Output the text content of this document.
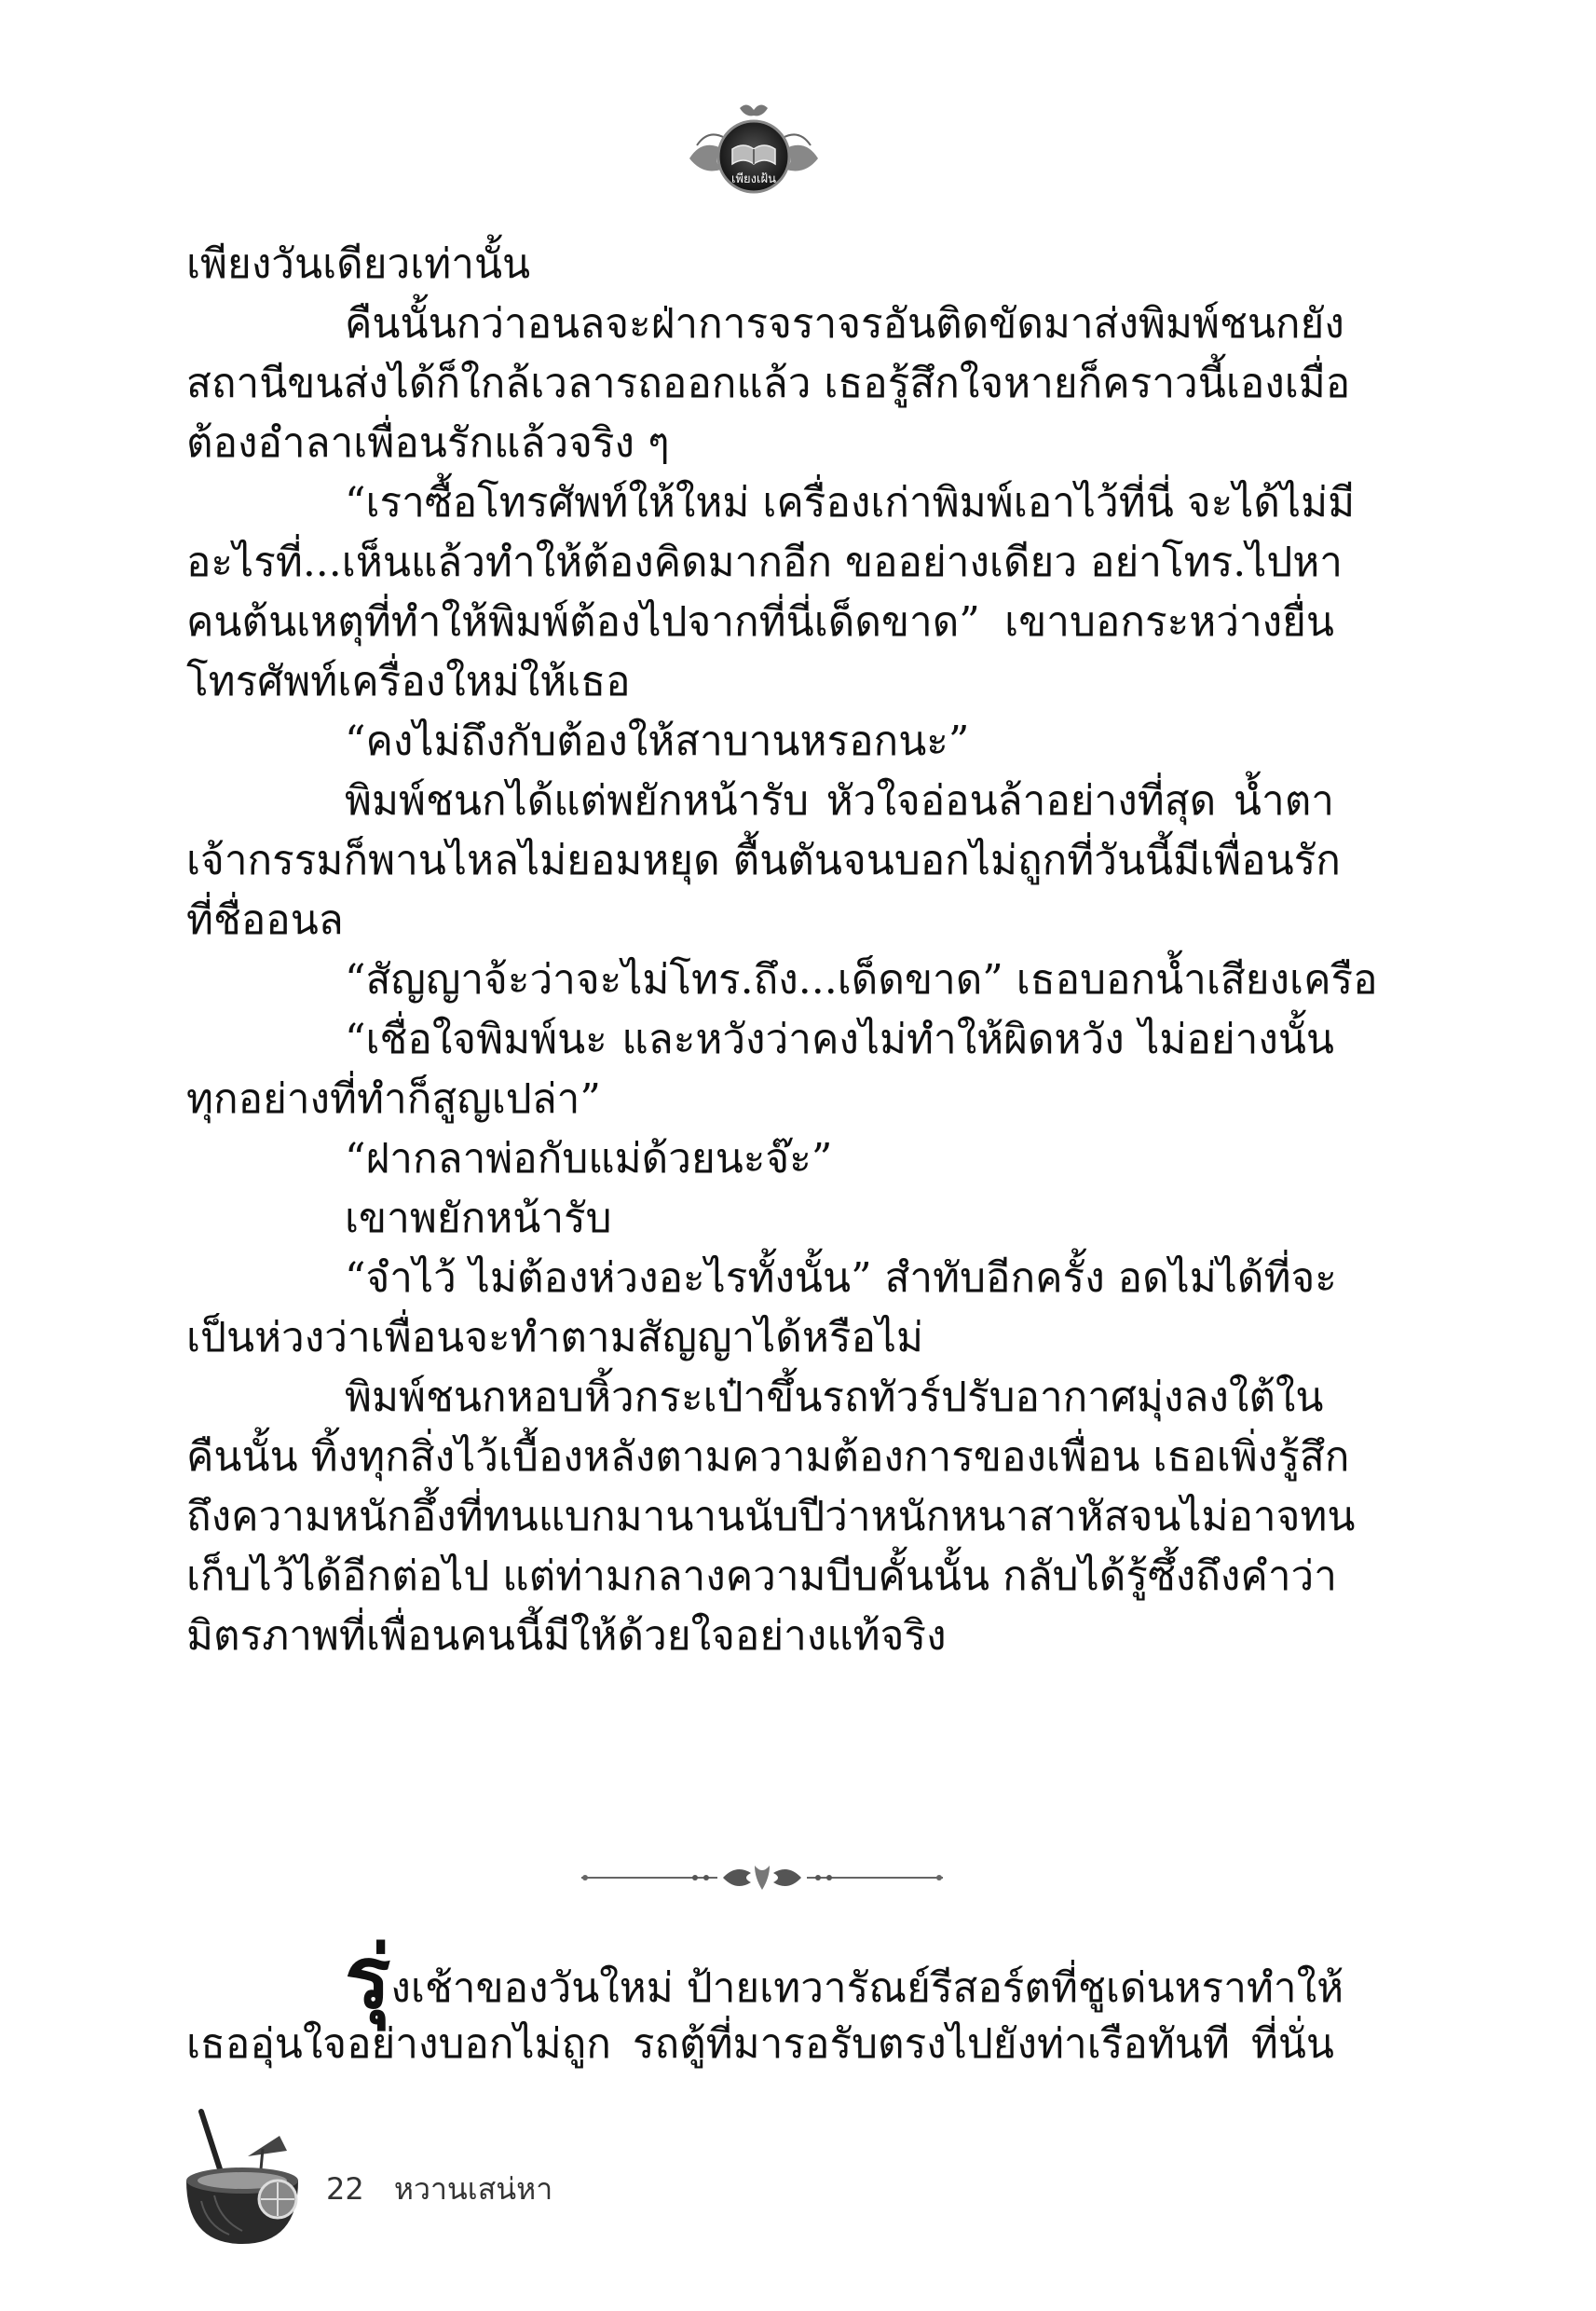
เพียงเฝ้น
เพียงวันเดียวเท่านั้น
คืนนั้นกว่าอนลจะฝ่าการจราจรอันติดขัดมาส่งพิมพ์ชนกยัง
สถานีขนส่งได้ก็ใกล้เวลารถออกแล้ว เธอรู้สึกใจหายก็คราวนี้เองเมื่อ
ต้องอำลาเพื่อนรักแล้วจริง ๆ
“เราซื้อโทรศัพท์ให้ใหม่ เครื่องเก่าพิมพ์เอาไว้ที่นี่ จะได้ไม่มี
อะไรที่...เห็นแล้วทำให้ต้องคิดมากอีก ขออย่างเดียว อย่าโทร.ไปหา
คนต้นเหตุที่ทำให้พิมพ์ต้องไปจากที่นี่เด็ดขาด” เขาบอกระหว่างยื่น
โทรศัพท์เครื่องใหม่ให้เธอ
“คงไม่ถึงกับต้องให้สาบานหรอกนะ”
พิมพ์ชนกได้แต่พยักหน้ารับ หัวใจอ่อนล้าอย่างที่สุด น้ำตา
เจ้ากรรมก็พานไหลไม่ยอมหยุด ตื้นตันจนบอกไม่ถูกที่วันนี้มีเพื่อนรัก
ที่ชื่ออนล
“สัญญาจ้ะว่าจะไม่โทร.ถึง...เด็ดขาด” เธอบอกน้ำเสียงเครือ
“เชื่อใจพิมพ์นะ และหวังว่าคงไม่ทำให้ผิดหวัง ไม่อย่างนั้น
ทุกอย่างที่ทำก็สูญเปล่า”
“ฝากลาพ่อกับแม่ด้วยนะจ๊ะ”
เขาพยักหน้ารับ
“จำไว้ ไม่ต้องห่วงอะไรทั้งนั้น” สำทับอีกครั้ง อดไม่ได้ที่จะ
เป็นห่วงว่าเพื่อนจะทำตามสัญญาได้หรือไม่
พิมพ์ชนกหอบหิ้วกระเป๋าขึ้นรถทัวร์ปรับอากาศมุ่งลงใต้ใน
คืนนั้น ทิ้งทุกสิ่งไว้เบื้องหลังตามความต้องการของเพื่อน เธอเพิ่งรู้สึก
ถึงความหนักอึ้งที่ทนแบกมานานนับปีว่าหนักหนาสาหัสจนไม่อาจทน
เก็บไว้ได้อีกต่อไป แต่ท่ามกลางความบีบคั้นนั้น กลับได้รู้ซึ้งถึงคำว่า
มิตรภาพที่เพื่อนคนนี้มีให้ด้วยใจอย่างแท้จริง
รุ่งเช้าของวันใหม่ ป้ายเทวารัณย์รีสอร์ตที่ชูเด่นหราทำให้
เธออุ่นใจอย่างบอกไม่ถูก รถตู้ที่มารอรับตรงไปยังท่าเรือทันที ที่นั่น
22 หวานเสน่หา
